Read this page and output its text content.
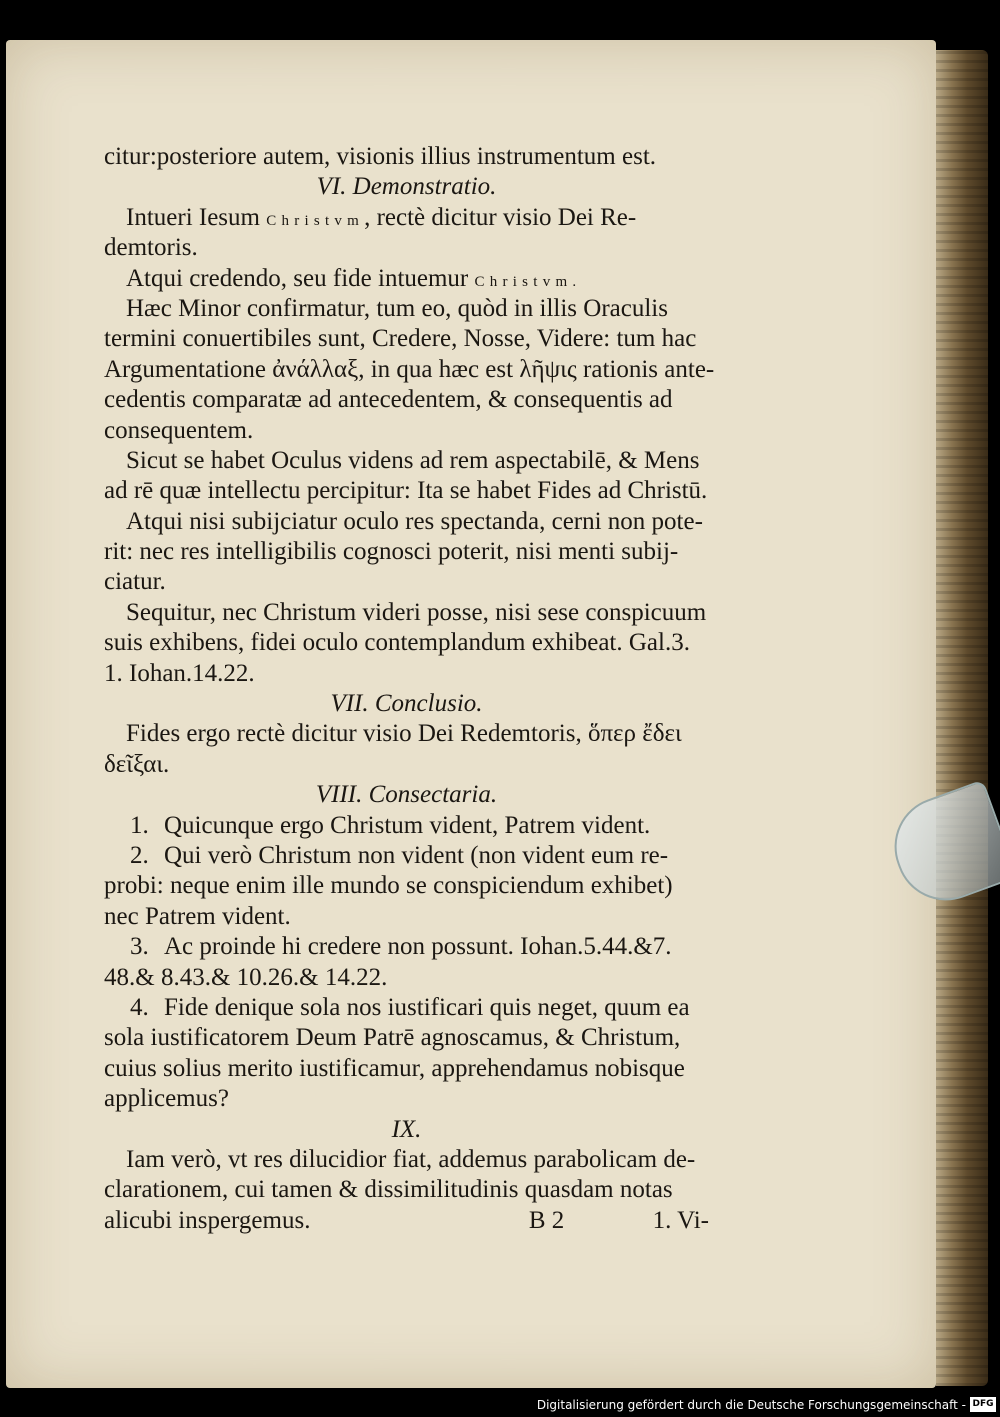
citur:posteriore autem, visionis illius instrumentum est.
VI. Demonstratio.
Intueri Iesum Christvm, rectè dicitur visio Dei Re-
demtoris.
Atqui credendo, seu fide intuemur Christvm.
Hæc Minor confirmatur, tum eo, quòd in illis Oraculis
termini conuertibiles sunt, Credere, Nosse, Videre: tum hac
Argumentatione ἀνάλλαξ, in qua hæc est λῆψις rationis ante-
cedentis comparatæ ad antecedentem, & consequentis ad
consequentem.
Sicut se habet Oculus videns ad rem aspectabilē, & Mens
ad rē quæ intellectu percipitur: Ita se habet Fides ad Christū.
Atqui nisi subijciatur oculo res spectanda, cerni non pote-
rit: nec res intelligibilis cognosci poterit, nisi menti subij-
ciatur.
Sequitur, nec Christum videri posse, nisi sese conspicuum
suis exhibens, fidei oculo contemplandum exhibeat. Gal.3.
1. Iohan.14.22.
VII. Conclusio.
Fides ergo rectè dicitur visio Dei Redemtoris, ὅπερ ἔδει
δεῖξαι.
VIII. Consectaria.
1. Quicunque ergo Christum vident, Patrem vident.
2. Qui verò Christum non vident (non vident eum re-
probi: neque enim ille mundo se conspiciendum exhibet)
nec Patrem vident.
3. Ac proinde hi credere non possunt. Iohan.5.44.&7.
48.& 8.43.& 10.26.& 14.22.
4. Fide denique sola nos iustificari quis neget, quum ea
sola iustificatorem Deum Patrē agnoscamus, & Christum,
cuius solius merito iustificamur, apprehendamus nobisque
applicemus?
IX.
Iam verò, vt res dilucidior fiat, addemus parabolicam de-
clarationem, cui tamen & dissimilitudinis quasdam notas
alicubi inspergemus.	B 2	1. Vi-
Digitalisierung gefördert durch die Deutsche Forschungsgemeinschaft - DFG
